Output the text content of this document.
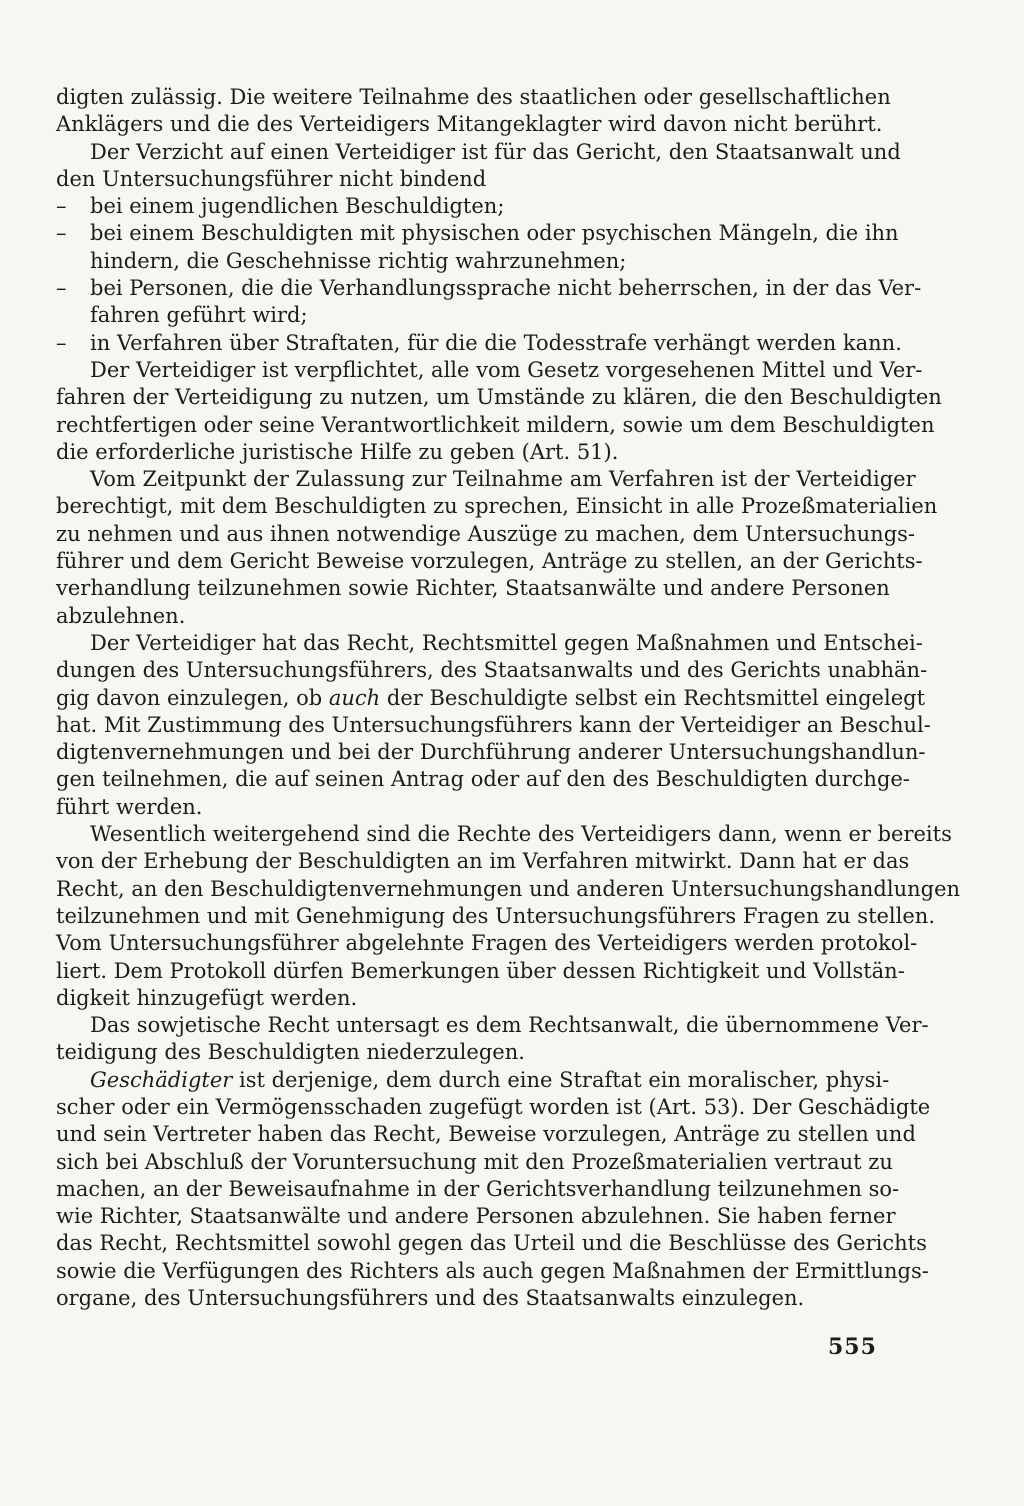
digten zulässig. Die weitere Teilnahme des staatlichen oder gesellschaftlichen
Anklägers und die des Verteidigers Mitangeklagter wird davon nicht berührt.
Der Verzicht auf einen Verteidiger ist für das Gericht, den Staatsanwalt und
den Untersuchungsführer nicht bindend
– bei einem jugendlichen Beschuldigten;
– bei einem Beschuldigten mit physischen oder psychischen Mängeln, die ihn
hindern, die Geschehnisse richtig wahrzunehmen;
– bei Personen, die die Verhandlungssprache nicht beherrschen, in der das Ver-
fahren geführt wird;
– in Verfahren über Straftaten, für die die Todesstrafe verhängt werden kann.
Der Verteidiger ist verpflichtet, alle vom Gesetz vorgesehenen Mittel und Ver-
fahren der Verteidigung zu nutzen, um Umstände zu klären, die den Beschuldigten
rechtfertigen oder seine Verantwortlichkeit mildern, sowie um dem Beschuldigten
die erforderliche juristische Hilfe zu geben (Art. 51).
Vom Zeitpunkt der Zulassung zur Teilnahme am Verfahren ist der Verteidiger
berechtigt, mit dem Beschuldigten zu sprechen, Einsicht in alle Prozeßmaterialien
zu nehmen und aus ihnen notwendige Auszüge zu machen, dem Untersuchungs-
führer und dem Gericht Beweise vorzulegen, Anträge zu stellen, an der Gerichts-
verhandlung teilzunehmen sowie Richter, Staatsanwälte und andere Personen
abzulehnen.
Der Verteidiger hat das Recht, Rechtsmittel gegen Maßnahmen und Entschei-
dungen des Untersuchungsführers, des Staatsanwalts und des Gerichts unabhän-
gig davon einzulegen, ob auch der Beschuldigte selbst ein Rechtsmittel eingelegt
hat. Mit Zustimmung des Untersuchungsführers kann der Verteidiger an Beschul-
digtenvernehmungen und bei der Durchführung anderer Untersuchungshandlun-
gen teilnehmen, die auf seinen Antrag oder auf den des Beschuldigten durchge-
führt werden.
Wesentlich weitergehend sind die Rechte des Verteidigers dann, wenn er bereits
von der Erhebung der Beschuldigten an im Verfahren mitwirkt. Dann hat er das
Recht, an den Beschuldigtenvernehmungen und anderen Untersuchungshandlungen
teilzunehmen und mit Genehmigung des Untersuchungsführers Fragen zu stellen.
Vom Untersuchungsführer abgelehnte Fragen des Verteidigers werden protokol-
liert. Dem Protokoll dürfen Bemerkungen über dessen Richtigkeit und Vollstän-
digkeit hinzugefügt werden.
Das sowjetische Recht untersagt es dem Rechtsanwalt, die übernommene Ver-
teidigung des Beschuldigten niederzulegen.
Geschädigter ist derjenige, dem durch eine Straftat ein moralischer, physi-
scher oder ein Vermögensschaden zugefügt worden ist (Art. 53). Der Geschädigte
und sein Vertreter haben das Recht, Beweise vorzulegen, Anträge zu stellen und
sich bei Abschluß der Voruntersuchung mit den Prozeßmaterialien vertraut zu
machen, an der Beweisaufnahme in der Gerichtsverhandlung teilzunehmen so-
wie Richter, Staatsanwälte und andere Personen abzulehnen. Sie haben ferner
das Recht, Rechtsmittel sowohl gegen das Urteil und die Beschlüsse des Gerichts
sowie die Verfügungen des Richters als auch gegen Maßnahmen der Ermittlungs-
organe, des Untersuchungsführers und des Staatsanwalts einzulegen.
555
